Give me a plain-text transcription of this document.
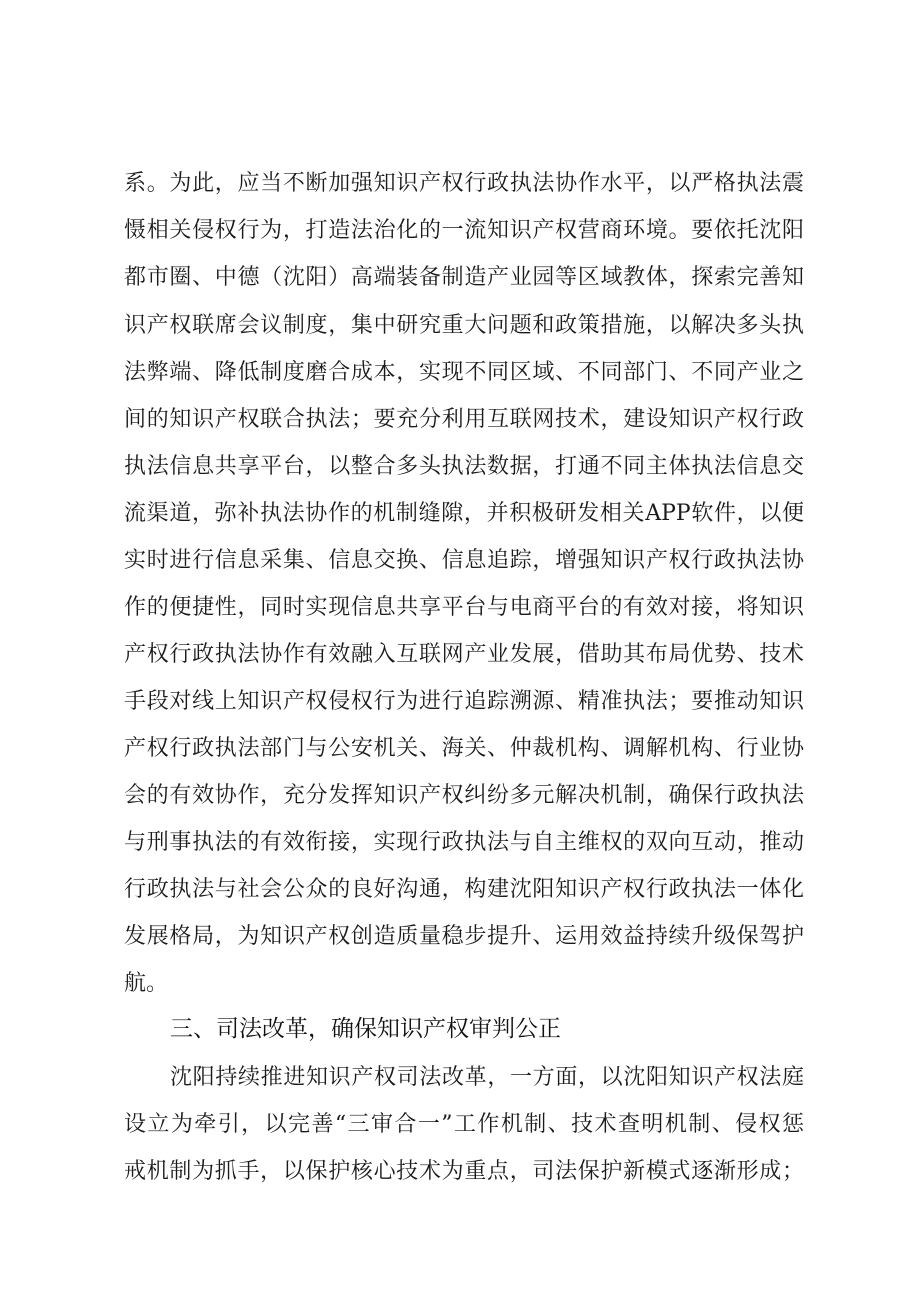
系。为此，应当不断加强知识产权行政执法协作水平，以严格执法震
慑相关侵权行为，打造法治化的一流知识产权营商环境。要依托沈阳
都市圈、中德（沈阳）高端装备制造产业园等区域教体，探索完善知
识产权联席会议制度，集中研究重大问题和政策措施，以解决多头执
法弊端、降低制度磨合成本，实现不同区域、不同部门、不同产业之
间的知识产权联合执法；要充分利用互联网技术，建设知识产权行政
执法信息共享平台，以整合多头执法数据，打通不同主体执法信息交
流渠道，弥补执法协作的机制缝隙，并积极研发相关APP软件，以便
实时进行信息采集、信息交换、信息追踪，增强知识产权行政执法协
作的便捷性，同时实现信息共享平台与电商平台的有效对接，将知识
产权行政执法协作有效融入互联网产业发展，借助其布局优势、技术
手段对线上知识产权侵权行为进行追踪溯源、精准执法；要推动知识
产权行政执法部门与公安机关、海关、仲裁机构、调解机构、行业协
会的有效协作，充分发挥知识产权纠纷多元解决机制，确保行政执法
与刑事执法的有效衔接，实现行政执法与自主维权的双向互动，推动
行政执法与社会公众的良好沟通，构建沈阳知识产权行政执法一体化
发展格局，为知识产权创造质量稳步提升、运用效益持续升级保驾护
航。
三、司法改革，确保知识产权审判公正
沈阳持续推进知识产权司法改革，一方面，以沈阳知识产权法庭
设立为牵引，以完善“三审合一”工作机制、技术查明机制、侵权惩
戒机制为抓手，以保护核心技术为重点，司法保护新模式逐渐形成；
